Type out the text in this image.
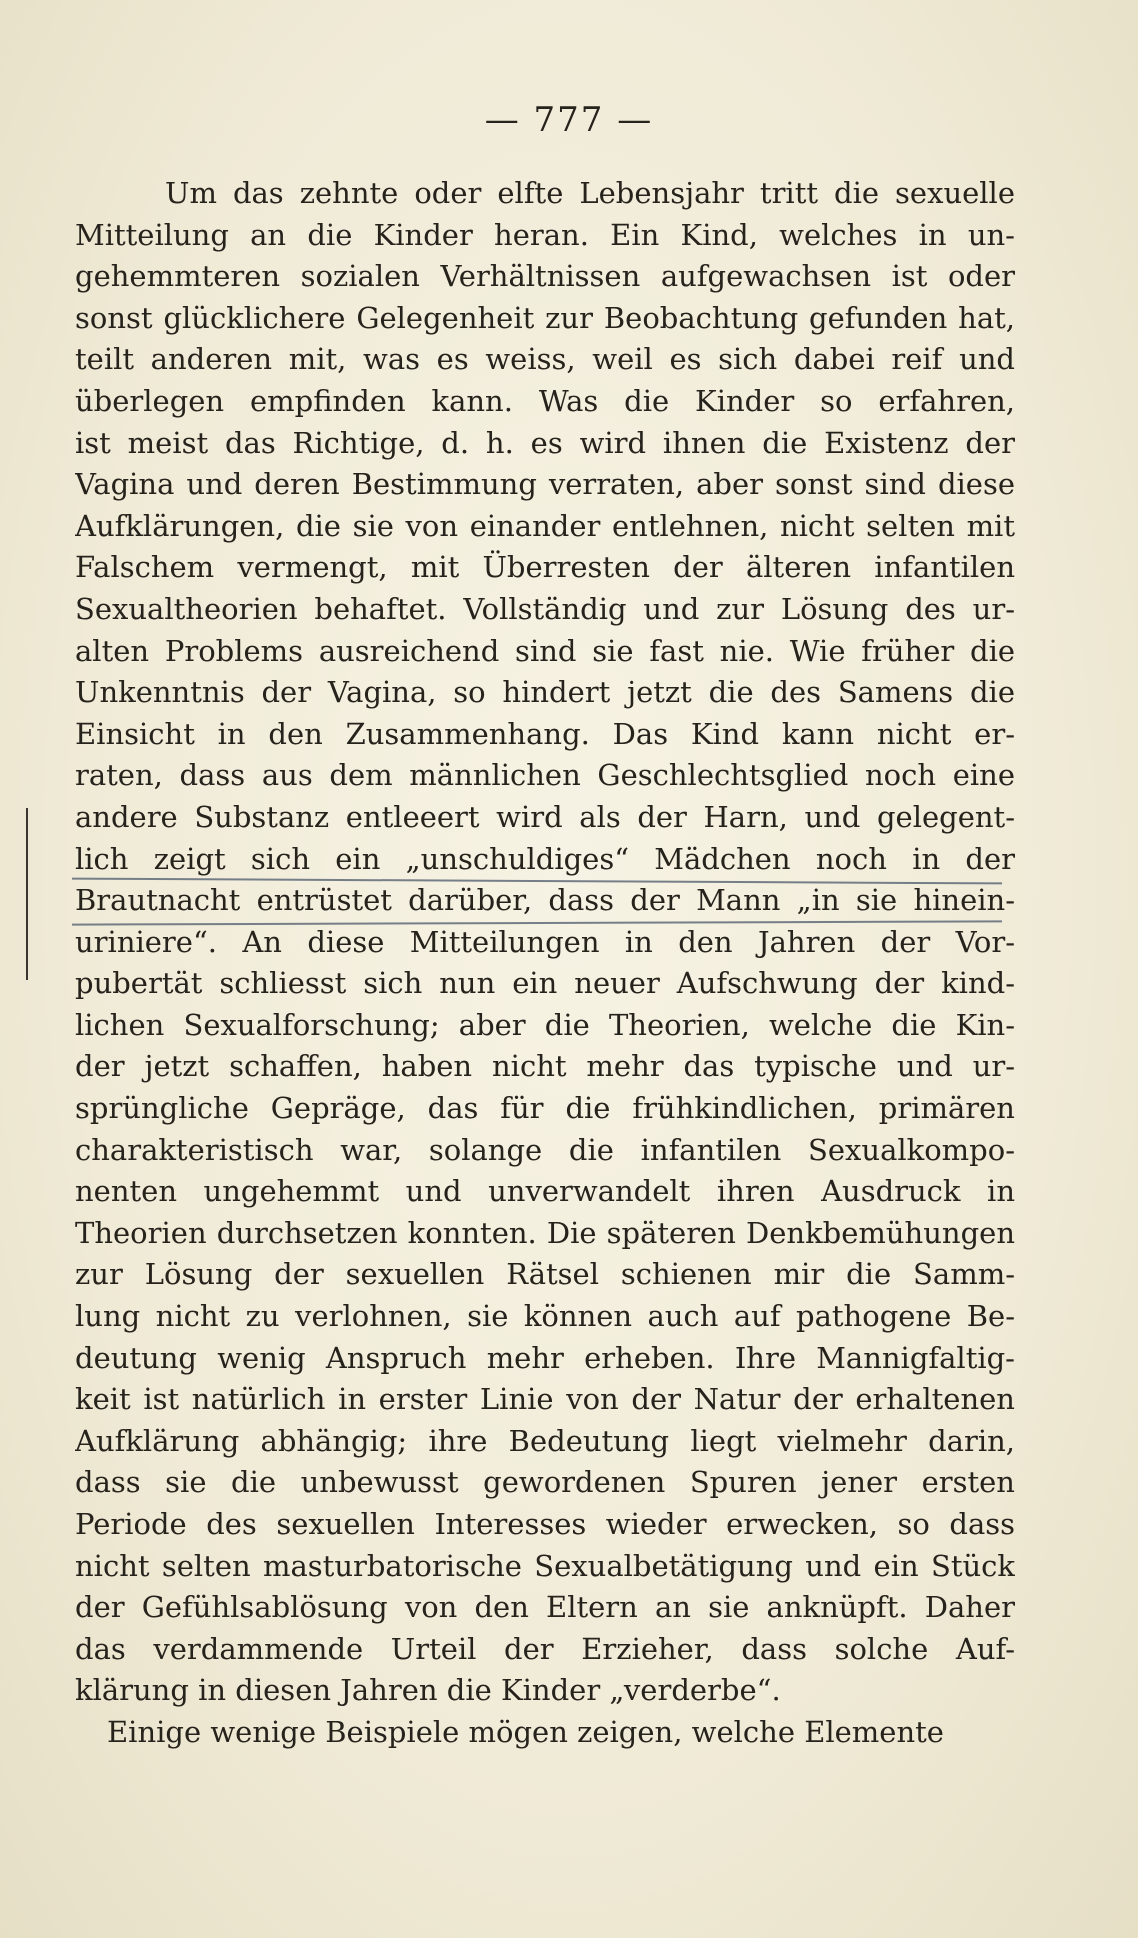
— 777 —
Um das zehnte oder elfte Lebensjahr tritt die sexuelle
Mitteilung an die Kinder heran. Ein Kind, welches in un-
gehemmteren sozialen Verhältnissen aufgewachsen ist oder
sonst glücklichere Gelegenheit zur Beobachtung gefunden hat,
teilt anderen mit, was es weiss, weil es sich dabei reif und
überlegen empfinden kann. Was die Kinder so erfahren,
ist meist das Richtige, d. h. es wird ihnen die Existenz der
Vagina und deren Bestimmung verraten, aber sonst sind diese
Aufklärungen, die sie von einander entlehnen, nicht selten mit
Falschem vermengt, mit Überresten der älteren infantilen
Sexualtheorien behaftet. Vollständig und zur Lösung des ur-
alten Problems ausreichend sind sie fast nie. Wie früher die
Unkenntnis der Vagina, so hindert jetzt die des Samens die
Einsicht in den Zusammenhang. Das Kind kann nicht er-
raten, dass aus dem männlichen Geschlechtsglied noch eine
andere Substanz entleeert wird als der Harn, und gelegent-
lich zeigt sich ein „unschuldiges“ Mädchen noch in der
Brautnacht entrüstet darüber, dass der Mann „in sie hinein-
uriniere“. An diese Mitteilungen in den Jahren der Vor-
pubertät schliesst sich nun ein neuer Aufschwung der kind-
lichen Sexualforschung; aber die Theorien, welche die Kin-
der jetzt schaffen, haben nicht mehr das typische und ur-
sprüngliche Gepräge, das für die frühkindlichen, primären
charakteristisch war, solange die infantilen Sexualkompo-
nenten ungehemmt und unverwandelt ihren Ausdruck in
Theorien durchsetzen konnten. Die späteren Denkbemühungen
zur Lösung der sexuellen Rätsel schienen mir die Samm-
lung nicht zu verlohnen, sie können auch auf pathogene Be-
deutung wenig Anspruch mehr erheben. Ihre Mannigfaltig-
keit ist natürlich in erster Linie von der Natur der erhaltenen
Aufklärung abhängig; ihre Bedeutung liegt vielmehr darin,
dass sie die unbewusst gewordenen Spuren jener ersten
Periode des sexuellen Interesses wieder erwecken, so dass
nicht selten masturbatorische Sexualbetätigung und ein Stück
der Gefühlsablösung von den Eltern an sie anknüpft. Daher
das verdammende Urteil der Erzieher, dass solche Auf-
klärung in diesen Jahren die Kinder „verderbe“.
Einige wenige Beispiele mögen zeigen, welche Elemente
